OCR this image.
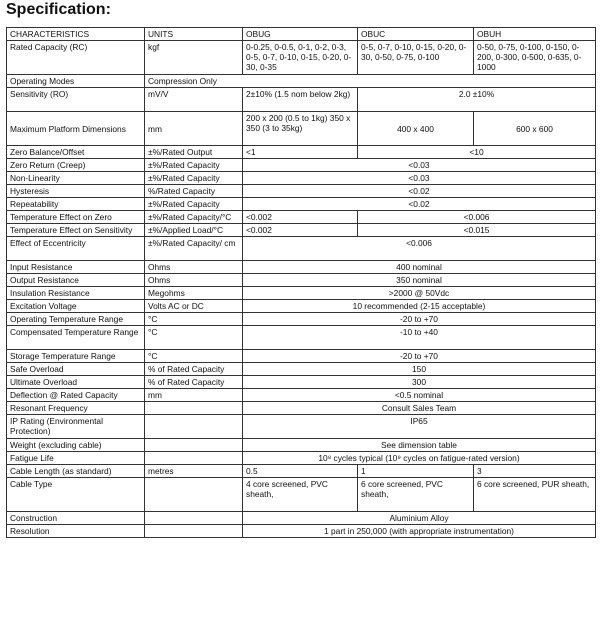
Specification:
CHARACTERISTICS	UNITS	OBUG	OBUC	OBUH
Rated Capacity (RC)	kgf	0-0.25, 0-0.5, 0-1, 0-2, 0-3, 0-5, 0-7, 0-10, 0-15, 0-20, 0-30, 0-35	0-5, 0-7, 0-10, 0-15, 0-20, 0-30, 0-50, 0-75, 0-100	0-50, 0-75, 0-100, 0-150, 0-200, 0-300, 0-500, 0-635, 0-1000
Operating Modes	Compression Only			
Sensitivity (RO)	mV/V	2±10% (1.5 nom below 2kg)	2.0 ±10%	
Maximum Platform Dimensions	mm	200 x 200 (0.5 to 1kg) 350 x 350 (3 to 35kg)	400 x 400	600 x 600
Zero Balance/Offset	±%/Rated Output	<1	<10	
Zero Return (Creep)	±%/Rated Capacity	<0.03		
Non-Linearity	±%/Rated Capacity	<0.03		
Hysteresis	%/Rated Capacity	<0.02		
Repeatability	±%/Rated Capacity	<0.02		
Temperature Effect on Zero	±%/Rated Capacity/°C	<0.002	<0.006	
Temperature Effect on Sensitivity	±%/Applied Load/°C	<0.002	<0.015	
Effect of Eccentricity	±%/Rated Capacity/ cm	<0.006		
Input Resistance	Ohms	400 nominal		
Output Resistance	Ohms	350 nominal		
Insulation Resistance	Megohms	>2000 @ 50Vdc		
Excitation Voltage	Volts AC or DC	10 recommended (2-15 acceptable)		
Operating Temperature Range	°C	-20 to +70		
Compensated Temperature Range	°C	-10 to +40		
Storage Temperature Range	°C	-20 to +70		
Safe Overload	% of Rated Capacity	150		
Ultimate Overload	% of Rated Capacity	300		
Deflection @ Rated Capacity	mm	<0.5 nominal		
Resonant Frequency		Consult Sales Team		
IP Rating (Environmental Protection)		IP65		
Weight (excluding cable)		See dimension table		
Fatigue Life		10⁸ cycles typical (10⁹ cycles on fatigue-rated version)		
Cable Length (as standard)	metres	0.5	1	3
Cable Type		4 core screened, PVC sheath,	6 core screened, PVC sheath,	6 core screened, PUR sheath,
Construction		Aluminium Alloy		
Resolution		1 part in 250,000 (with appropriate instrumentation)		
